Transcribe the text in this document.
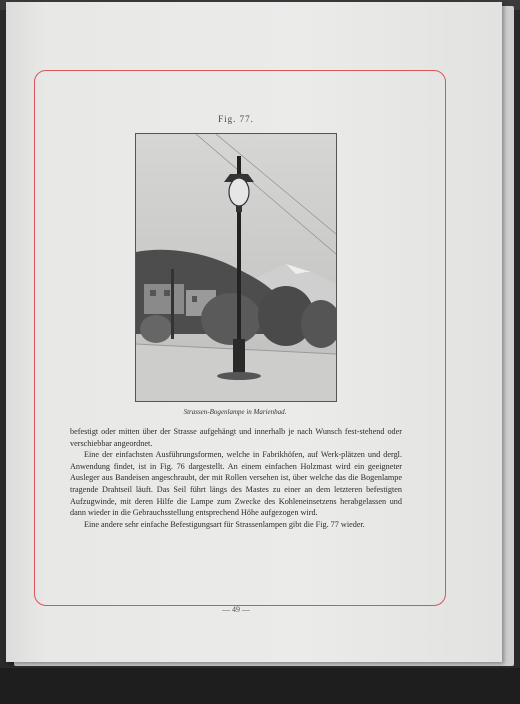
Fig. 77.
Strassen-Bogenlampe in Marienbad.

befestigt oder mitten über der Strasse aufgehängt und innerhalb je nach Wunsch fest-stehend oder verschiebbar angeordnet.

Eine der einfachsten Ausführungsformen, welche in Fabrikhöfen, auf Werk-plätzen und dergl. Anwendung findet, ist in Fig. 76 dargestellt. An einem einfachen Holzmast wird ein geeigneter Ausleger aus Bandeisen angeschraubt, der mit Rollen versehen ist, über welche das die Bogenlampe tragende Drahtseil läuft. Das Seil führt längs des Mastes zu einer an dem letzteren befestigten Aufzugwinde, mit deren Hilfe die Lampe zum Zwecke des Kohleneinsetzens herabgelassen und dann wieder in die Gebrauchsstellung entsprechend Höhe aufgezogen wird.

Eine andere sehr einfache Befestigungsart für Strassenlampen gibt die Fig. 77 wieder.

— 49 —
